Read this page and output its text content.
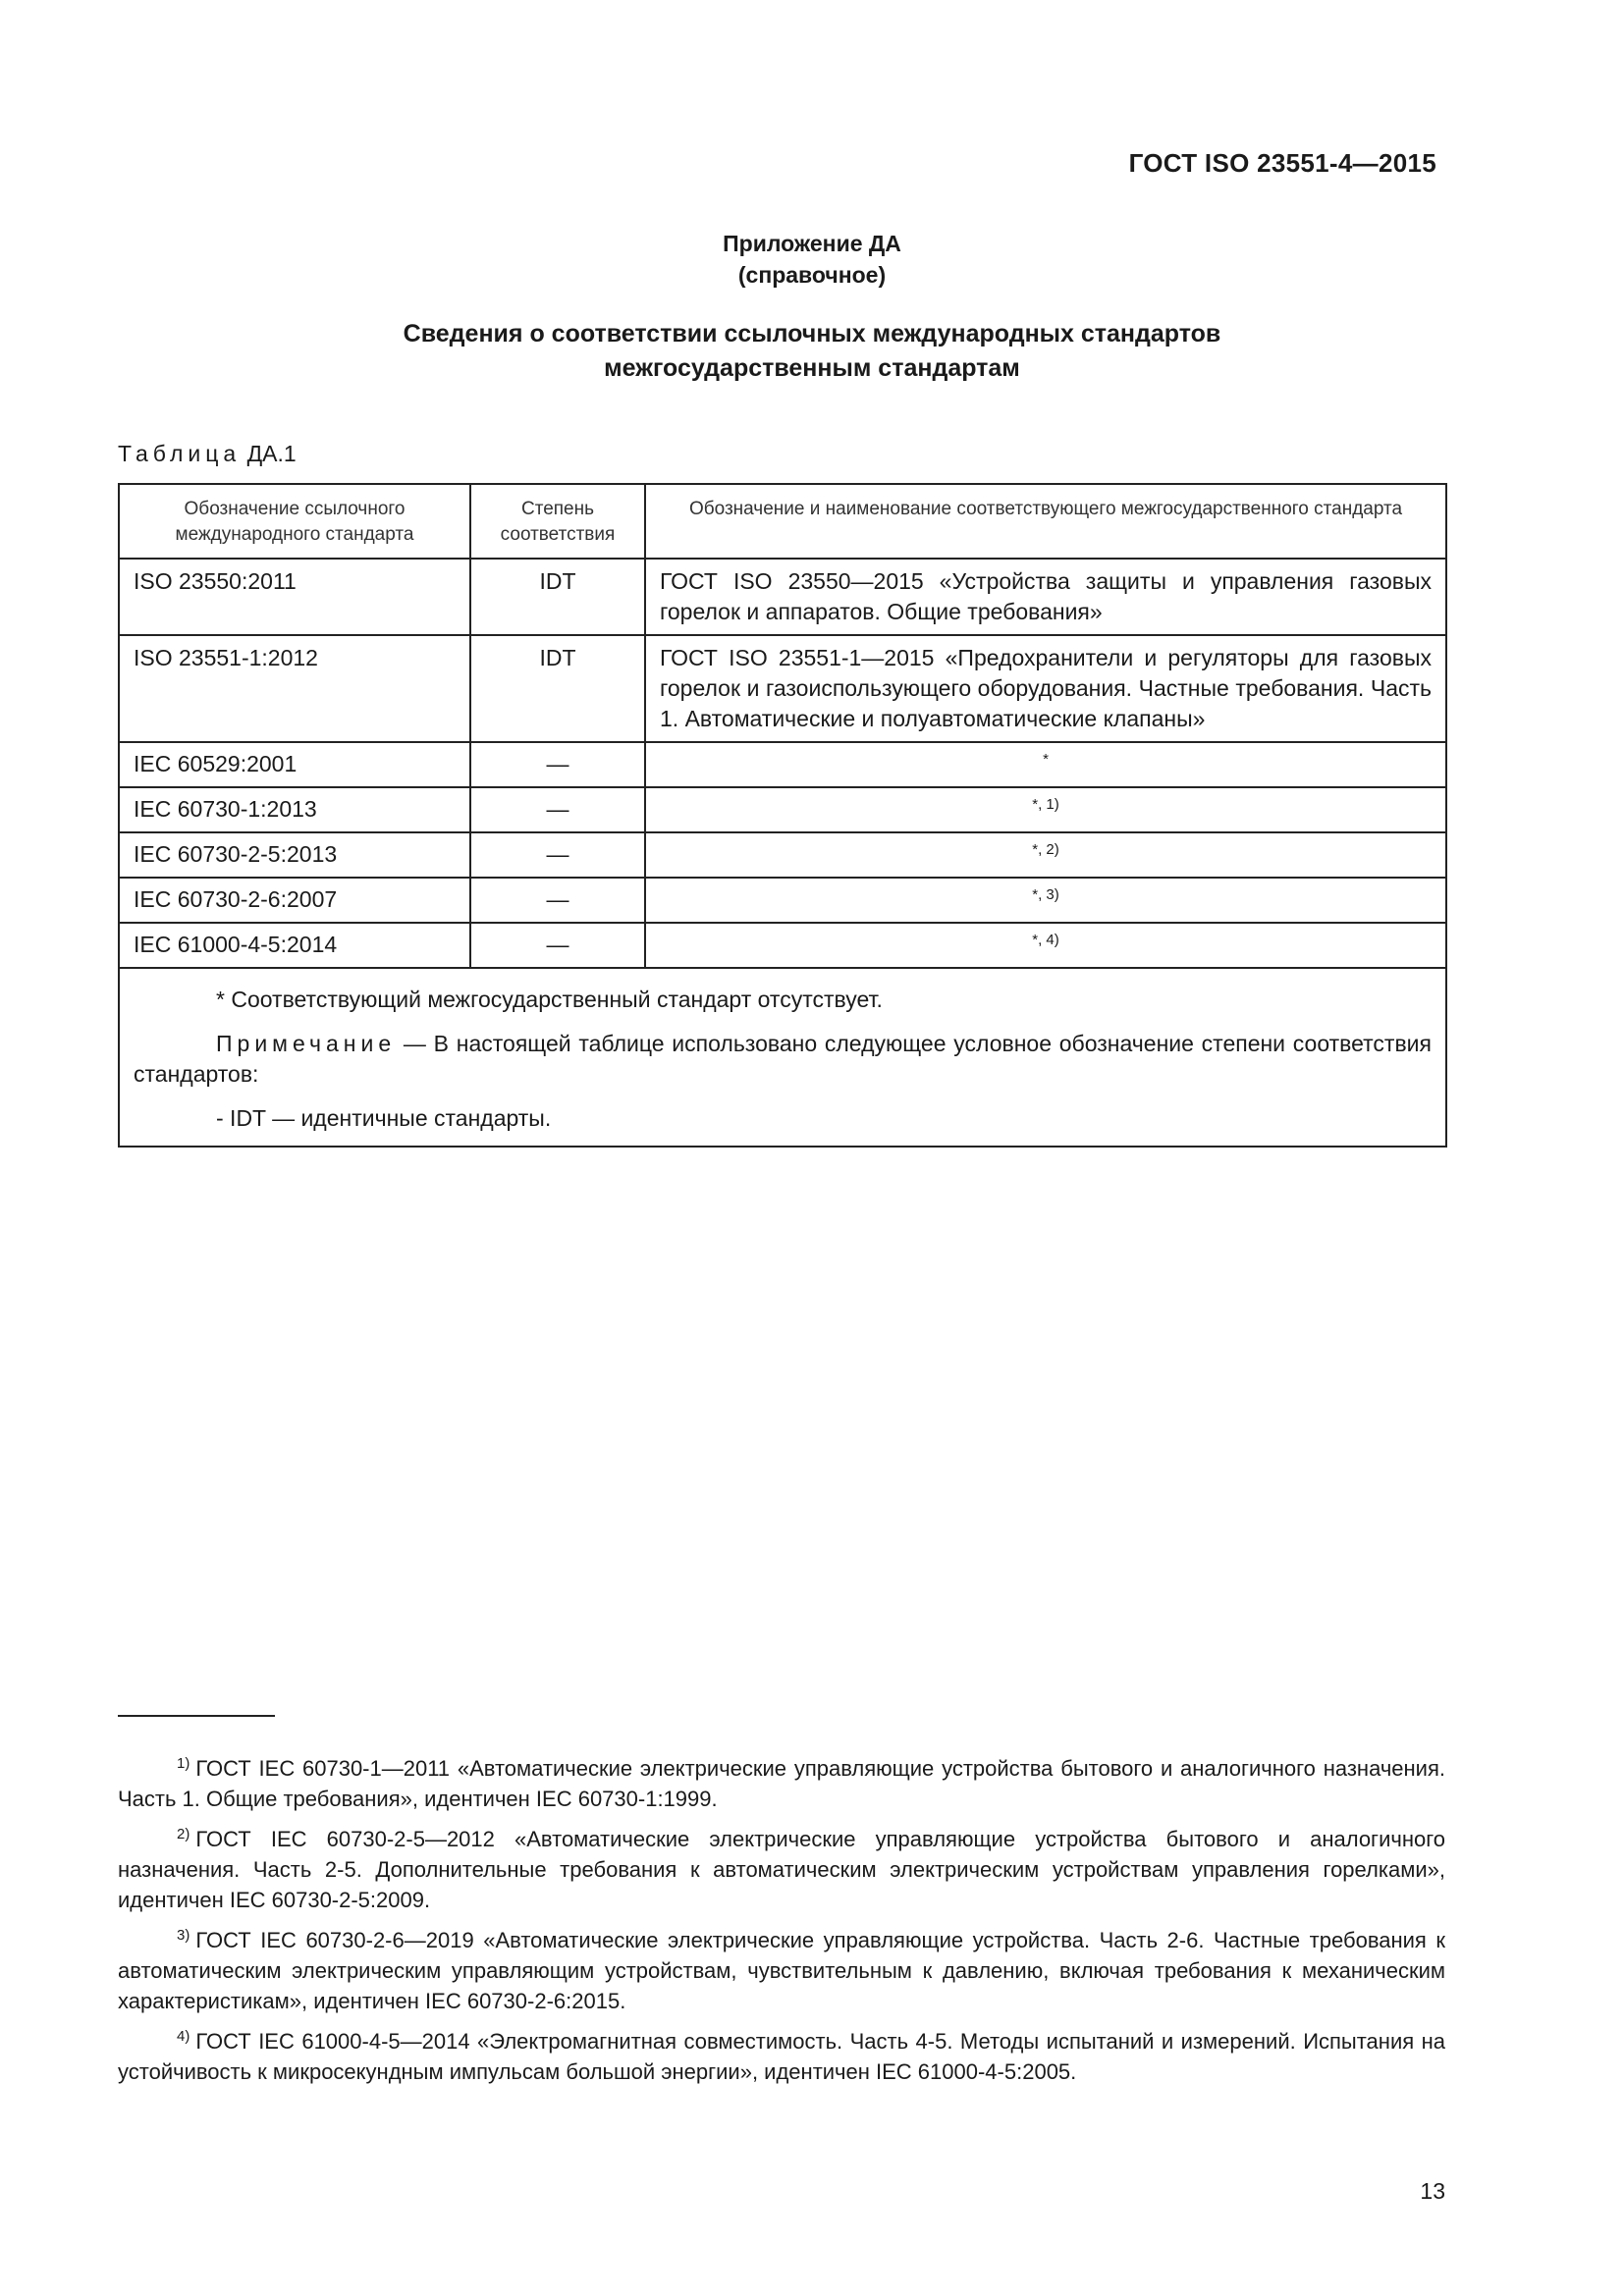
ГОСТ ISO 23551-4—2015
Приложение ДА
(справочное)
Сведения о соответствии ссылочных международных стандартов
межгосударственным стандартам
Таблица ДА.1
Обозначение ссылочного международного стандарта	Степень соответствия	Обозначение и наименование соответствующего межгосударственного стандарта
ISO 23550:2011	IDT	ГОСТ ISO 23550—2015 «Устройства защиты и управления газовых горелок и аппаратов. Общие требования»
ISO 23551-1:2012	IDT	ГОСТ ISO 23551-1—2015 «Предохранители и регуляторы для газовых горелок и газоиспользующего оборудования. Частные требования. Часть 1. Автоматические и полуавтоматические клапаны»
IEC 60529:2001	—	*
IEC 60730-1:2013	—	$^{*, 1)}$
IEC 60730-2-5:2013	—	$^{*, 2)}$
IEC 60730-2-6:2007	—	$^{*, 3)}$
IEC 61000-4-5:2014	—	$^{*, 4)}$

* Соответствующий межгосударственный стандарт отсутствует.

Примечание — В настоящей таблице использовано следующее условное обозначение степени соответствия стандартов:

- IDT — идентичные стандарты.		

$^{1)}$ ГОСТ IEC 60730-1—2011 «Автоматические электрические управляющие устройства бытового и аналогичного назначения. Часть 1. Общие требования», идентичен IEC 60730-1:1999.

$^{2)}$ ГОСТ IEC 60730-2-5—2012 «Автоматические электрические управляющие устройства бытового и аналогичного назначения. Часть 2-5. Дополнительные требования к автоматическим электрическим устройствам управления горелками», идентичен IEC 60730-2-5:2009.

$^{3)}$ ГОСТ IEC 60730-2-6—2019 «Автоматические электрические управляющие устройства. Часть 2-6. Частные требования к автоматическим электрическим управляющим устройствам, чувствительным к давлению, включая требования к механическим характеристикам», идентичен IEC 60730-2-6:2015.

$^{4)}$ ГОСТ IEC 61000-4-5—2014 «Электромагнитная совместимость. Часть 4-5. Методы испытаний и измерений. Испытания на устойчивость к микросекундным импульсам большой энергии», идентичен IEC 61000-4-5:2005.

13
